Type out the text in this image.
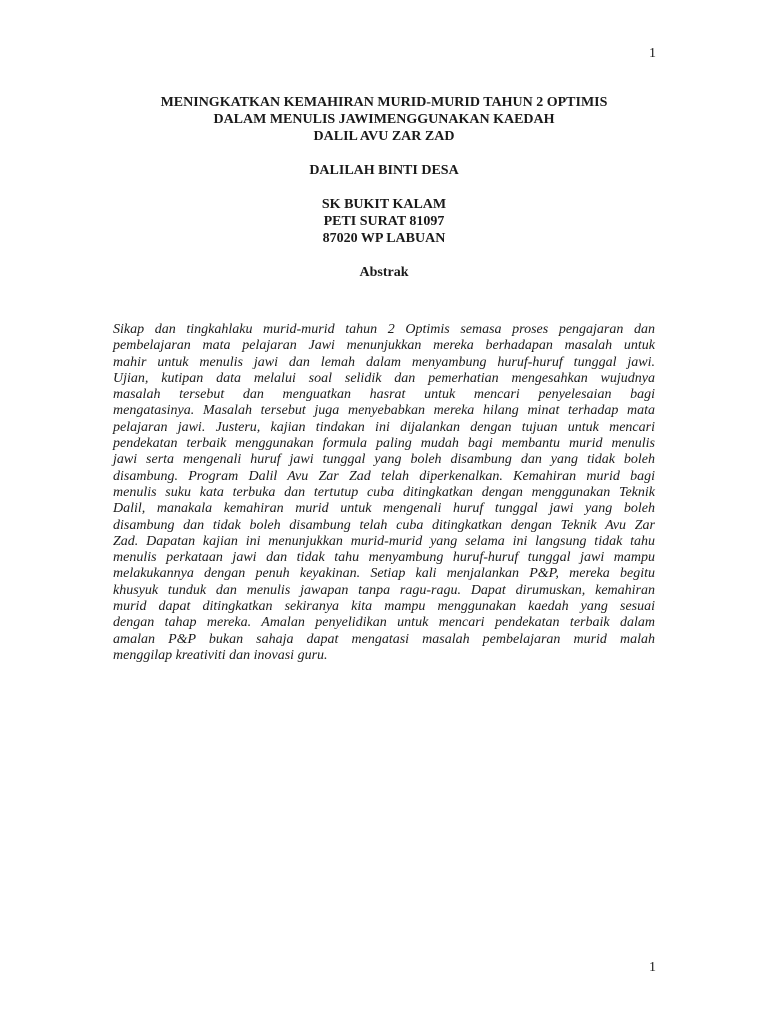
1
MENINGKATKAN KEMAHIRAN MURID-MURID TAHUN 2 OPTIMIS
DALAM MENULIS JAWIMENGGUNAKAN KAEDAH
DALIL AVU ZAR ZAD
DALILAH BINTI DESA
SK BUKIT KALAM
PETI SURAT 81097
87020 WP LABUAN
Abstrak
Sikap dan tingkahlaku murid-murid tahun 2 Optimis semasa proses pengajaran dan
pembelajaran mata pelajaran Jawi menunjukkan mereka berhadapan masalah untuk
mahir untuk menulis jawi dan lemah dalam menyambung huruf-huruf tunggal jawi.
Ujian, kutipan data melalui soal selidik dan pemerhatian mengesahkan wujudnya
masalah tersebut dan menguatkan hasrat untuk mencari penyelesaian bagi
mengatasinya. Masalah tersebut juga menyebabkan mereka hilang minat terhadap mata
pelajaran jawi. Justeru, kajian tindakan ini dijalankan dengan tujuan untuk mencari
pendekatan terbaik menggunakan formula paling mudah bagi membantu murid menulis
jawi serta mengenali huruf jawi tunggal yang boleh disambung dan yang tidak boleh
disambung. Program Dalil Avu Zar Zad telah diperkenalkan. Kemahiran murid bagi
menulis suku kata terbuka dan tertutup cuba ditingkatkan dengan menggunakan Teknik
Dalil, manakala kemahiran murid untuk mengenali huruf tunggal jawi yang boleh
disambung dan tidak boleh disambung telah cuba ditingkatkan dengan Teknik Avu Zar
Zad. Dapatan kajian ini menunjukkan murid-murid yang selama ini langsung tidak tahu
menulis perkataan jawi dan tidak tahu menyambung huruf-huruf tunggal jawi mampu
melakukannya dengan penuh keyakinan. Setiap kali menjalankan P&P, mereka begitu
khusyuk tunduk dan menulis jawapan tanpa ragu-ragu. Dapat dirumuskan, kemahiran
murid dapat ditingkatkan sekiranya kita mampu menggunakan kaedah yang sesuai
dengan tahap mereka. Amalan penyelidikan untuk mencari pendekatan terbaik dalam
amalan P&P bukan sahaja dapat mengatasi masalah pembelajaran murid malah
menggilap kreativiti dan inovasi guru.
1
